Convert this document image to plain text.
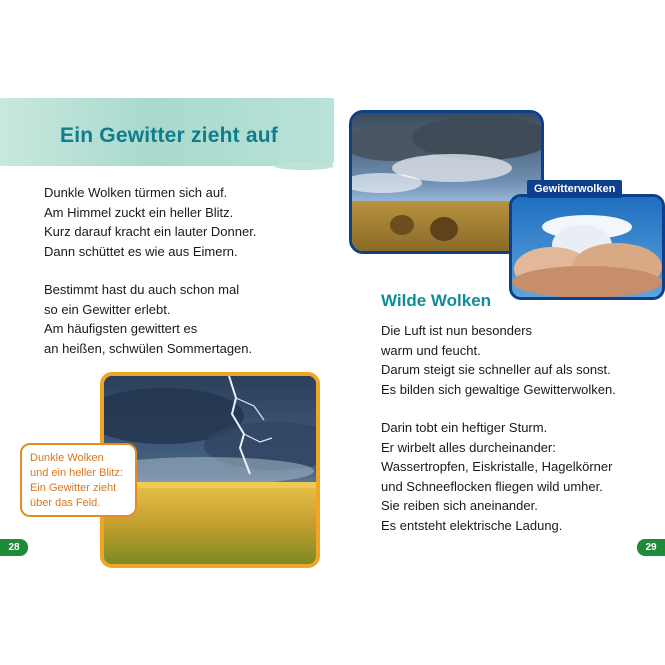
Ein Gewitter zieht auf
Dunkle Wolken türmen sich auf.
Am Himmel zuckt ein heller Blitz.
Kurz darauf kracht ein lauter Donner.
Dann schüttet es wie aus Eimern.
Bestimmt hast du auch schon mal
so ein Gewitter erlebt.
Am häufigsten gewittert es
an heißen, schwülen Sommertagen.
Dunkle Wolken
und ein heller Blitz:
Ein Gewitter zieht
über das Feld.
28
Gewitterwolken
Wilde Wolken
Die Luft ist nun besonders
warm und feucht.
Darum steigt sie schneller auf als sonst.
Es bilden sich gewaltige Gewitterwolken.
Darin tobt ein heftiger Sturm.
Er wirbelt alles durcheinander:
Wassertropfen, Eiskristalle, Hagelkörner
und Schneeflocken fliegen wild umher.
Sie reiben sich aneinander.
Es entsteht elektrische Ladung.
29
